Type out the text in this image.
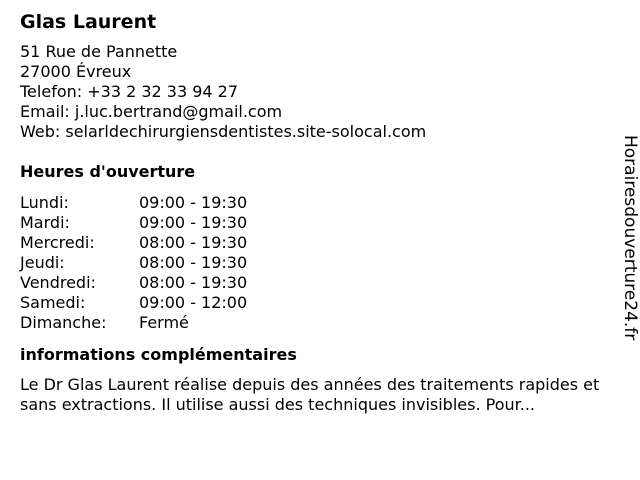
Glas Laurent
51 Rue de Pannette
27000 Évreux
Telefon: +33 2 32 33 94 27
Email: j.luc.bertrand@gmail.com
Web: selarldechirurgiensdentistes.site-solocal.com
Heures d'ouverture
Lundi:	09:00 - 19:30
Mardi:	09:00 - 19:30
Mercredi:	08:00 - 19:30
Jeudi:	08:00 - 19:30
Vendredi:	08:00 - 19:30
Samedi:	09:00 - 12:00
Dimanche:	Fermé
informations complémentaires
Le Dr Glas Laurent réalise depuis des années des traitements rapides et sans extractions. Il utilise aussi des techniques invisibles. Pour...
Horairesdouverture24.fr
